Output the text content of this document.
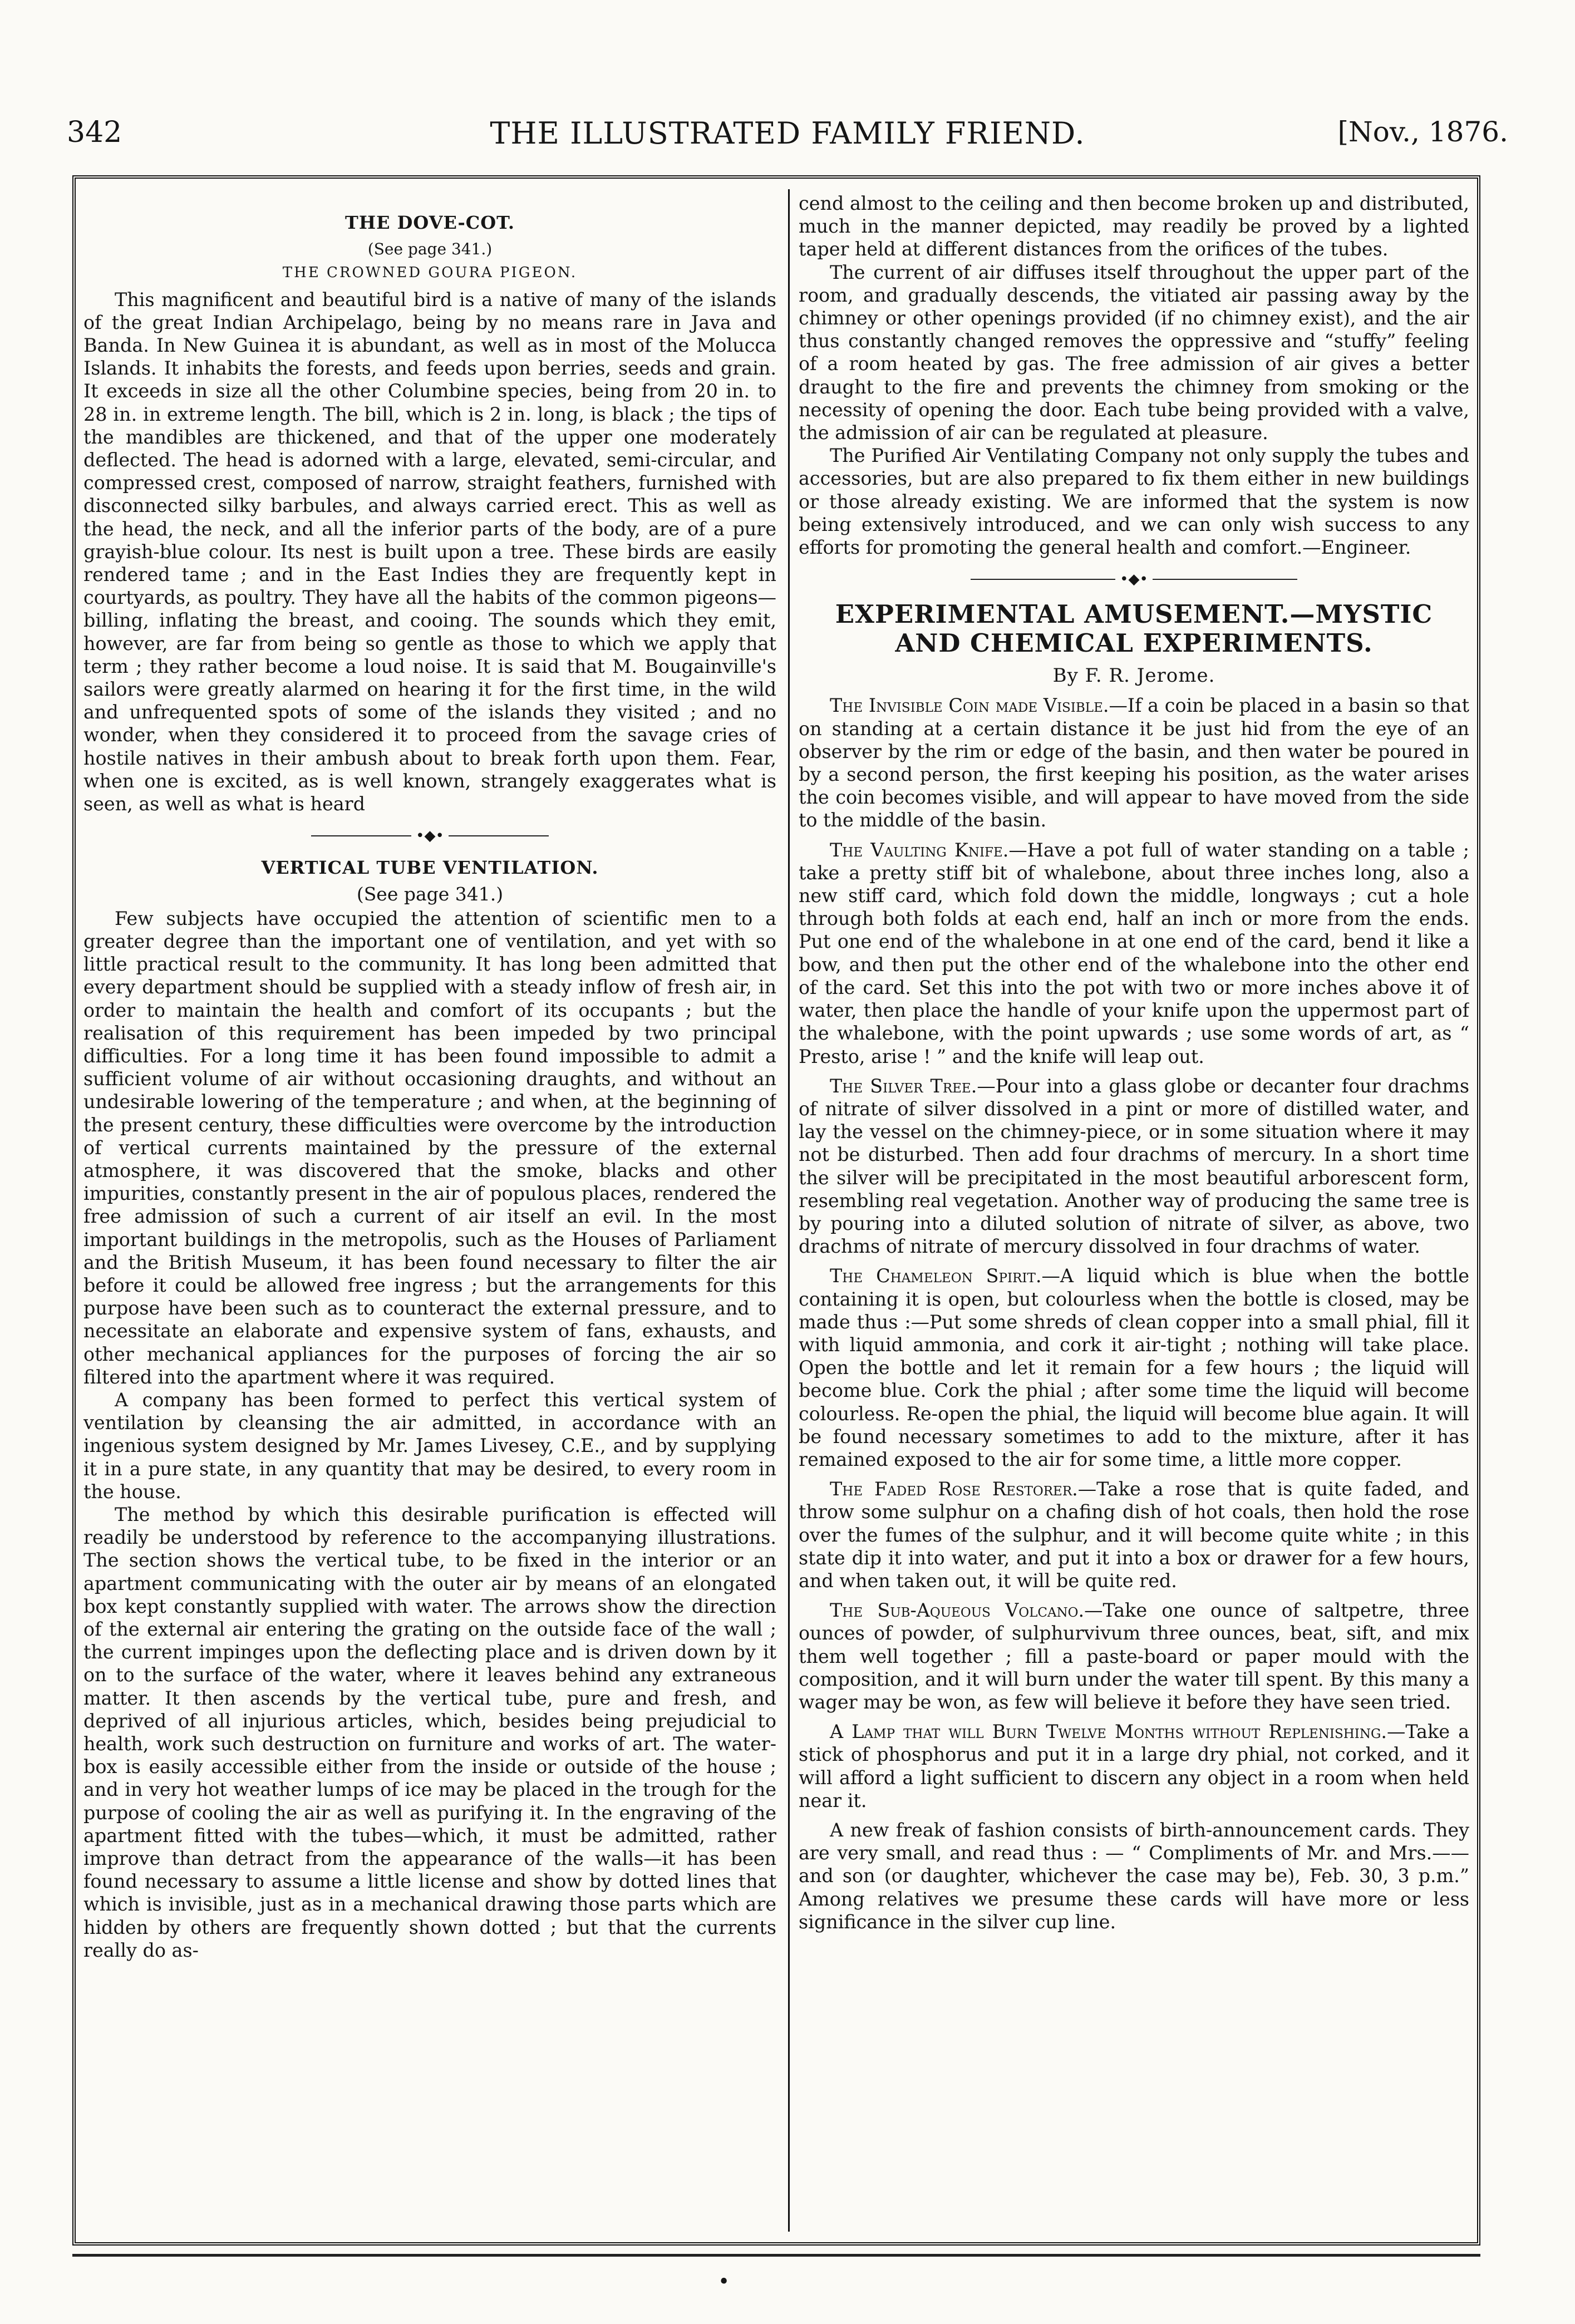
342	THE ILLUSTRATED FAMILY FRIEND.	[Nov., 1876.
THE DOVE-COT.
(See page 341.)
THE CROWNED GOURA PIGEON.

This magnificent and beautiful bird is a native of many of the islands of the great Indian Archipelago, being by no means rare in Java and Banda. In New Guinea it is abundant, as well as in most of the Molucca Islands. It inhabits the forests, and feeds upon berries, seeds and grain. It exceeds in size all the other Columbine species, being from 20 in. to 28 in. in extreme length. The bill, which is 2 in. long, is black ; the tips of the mandibles are thickened, and that of the upper one moderately deflected. The head is adorned with a large, elevated, semi-circular, and compressed crest, composed of narrow, straight feathers, furnished with disconnected silky barbules, and always carried erect. This as well as the head, the neck, and all the inferior parts of the body, are of a pure grayish-blue colour. Its nest is built upon a tree. These birds are easily rendered tame ; and in the East Indies they are frequently kept in courtyards, as poultry. They have all the habits of the common pigeons—billing, inflating the breast, and cooing. The sounds which they emit, however, are far from being so gentle as those to which we apply that term ; they rather become a loud noise. It is said that M. Bougainville's sailors were greatly alarmed on hearing it for the first time, in the wild and unfrequented spots of some of the islands they visited ; and no wonder, when they considered it to proceed from the savage cries of hostile natives in their ambush about to break forth upon them. Fear, when one is excited, as is well known, strangely exaggerates what is seen, as well as what is heard

•◆•
VERTICAL TUBE VENTILATION.
(See page 341.)

Few subjects have occupied the attention of scientific men to a greater degree than the important one of ventilation, and yet with so little practical result to the community. It has long been admitted that every department should be supplied with a steady inflow of fresh air, in order to maintain the health and comfort of its occupants ; but the realisation of this requirement has been impeded by two principal difficulties. For a long time it has been found impossible to admit a sufficient volume of air without occasioning draughts, and without an undesirable lowering of the temperature ; and when, at the beginning of the present century, these difficulties were overcome by the introduction of vertical currents maintained by the pressure of the external atmosphere, it was discovered that the smoke, blacks and other impurities, constantly present in the air of populous places, rendered the free admission of such a current of air itself an evil. In the most important buildings in the metropolis, such as the Houses of Parliament and the British Museum, it has been found necessary to filter the air before it could be allowed free ingress ; but the arrangements for this purpose have been such as to counteract the external pressure, and to necessitate an elaborate and expensive system of fans, exhausts, and other mechanical appliances for the purposes of forcing the air so filtered into the apartment where it was required.

A company has been formed to perfect this vertical system of ventilation by cleansing the air admitted, in accordance with an ingenious system designed by Mr. James Livesey, C.E., and by supplying it in a pure state, in any quantity that may be desired, to every room in the house.

The method by which this desirable purification is effected will readily be understood by reference to the accompanying illustrations. The section shows the vertical tube, to be fixed in the interior or an apartment communicating with the outer air by means of an elongated box kept constantly supplied with water. The arrows show the direction of the external air entering the grating on the outside face of the wall ; the current impinges upon the deflecting place and is driven down by it on to the surface of the water, where it leaves behind any extraneous matter. It then ascends by the vertical tube, pure and fresh, and deprived of all injurious articles, which, besides being prejudicial to health, work such destruction on furniture and works of art. The water-box is easily accessible either from the inside or outside of the house ; and in very hot weather lumps of ice may be placed in the trough for the purpose of cooling the air as well as purifying it. In the engraving of the apartment fitted with the tubes—which, it must be admitted, rather improve than detract from the appearance of the walls—it has been found necessary to assume a little license and show by dotted lines that which is invisible, just as in a mechanical drawing those parts which are hidden by others are frequently shown dotted ; but that the currents really do as-

cend almost to the ceiling and then become broken up and distributed, much in the manner depicted, may readily be proved by a lighted taper held at different distances from the orifices of the tubes.

The current of air diffuses itself throughout the upper part of the room, and gradually descends, the vitiated air passing away by the chimney or other openings provided (if no chimney exist), and the air thus constantly changed removes the oppressive and “stuffy” feeling of a room heated by gas. The free admission of air gives a better draught to the fire and prevents the chimney from smoking or the necessity of opening the door. Each tube being provided with a valve, the admission of air can be regulated at pleasure.

The Purified Air Ventilating Company not only supply the tubes and accessories, but are also prepared to fix them either in new buildings or those already existing. We are informed that the system is now being extensively introduced, and we can only wish success to any efforts for promoting the general health and comfort.—Engineer.

•◆•
EXPERIMENTAL AMUSEMENT.—MYSTIC AND CHEMICAL EXPERIMENTS.
By F. R. Jerome.

The Invisible Coin made Visible.—If a coin be placed in a basin so that on standing at a certain distance it be just hid from the eye of an observer by the rim or edge of the basin, and then water be poured in by a second person, the first keeping his position, as the water arises the coin becomes visible, and will appear to have moved from the side to the middle of the basin.

The Vaulting Knife.—Have a pot full of water standing on a table ; take a pretty stiff bit of whalebone, about three inches long, also a new stiff card, which fold down the middle, longways ; cut a hole through both folds at each end, half an inch or more from the ends. Put one end of the whalebone in at one end of the card, bend it like a bow, and then put the other end of the whalebone into the other end of the card. Set this into the pot with two or more inches above it of water, then place the handle of your knife upon the uppermost part of the whalebone, with the point upwards ; use some words of art, as “ Presto, arise ! ” and the knife will leap out.

The Silver Tree.—Pour into a glass globe or decanter four drachms of nitrate of silver dissolved in a pint or more of distilled water, and lay the vessel on the chimney-piece, or in some situation where it may not be disturbed. Then add four drachms of mercury. In a short time the silver will be precipitated in the most beautiful arborescent form, resembling real vegetation. Another way of producing the same tree is by pouring into a diluted solution of nitrate of silver, as above, two drachms of nitrate of mercury dissolved in four drachms of water.

The Chameleon Spirit.—A liquid which is blue when the bottle containing it is open, but colourless when the bottle is closed, may be made thus :—Put some shreds of clean copper into a small phial, fill it with liquid ammonia, and cork it air-tight ; nothing will take place. Open the bottle and let it remain for a few hours ; the liquid will become blue. Cork the phial ; after some time the liquid will become colourless. Re-open the phial, the liquid will become blue again. It will be found necessary sometimes to add to the mixture, after it has remained exposed to the air for some time, a little more copper.

The Faded Rose Restorer.—Take a rose that is quite faded, and throw some sulphur on a chafing dish of hot coals, then hold the rose over the fumes of the sulphur, and it will become quite white ; in this state dip it into water, and put it into a box or drawer for a few hours, and when taken out, it will be quite red.

The Sub-Aqueous Volcano.—Take one ounce of saltpetre, three ounces of powder, of sulphurvivum three ounces, beat, sift, and mix them well together ; fill a paste-board or paper mould with the composition, and it will burn under the water till spent. By this many a wager may be won, as few will believe it before they have seen tried.

A Lamp that will Burn Twelve Months without Replenishing.—Take a stick of phosphorus and put it in a large dry phial, not corked, and it will afford a light sufficient to discern any object in a room when held near it.

A new freak of fashion consists of birth-announcement cards. They are very small, and read thus : — “ Compliments of Mr. and Mrs.——and son (or daughter, whichever the case may be), Feb. 30, 3 p.m.” Among relatives we presume these cards will have more or less significance in the silver cup line.

•
